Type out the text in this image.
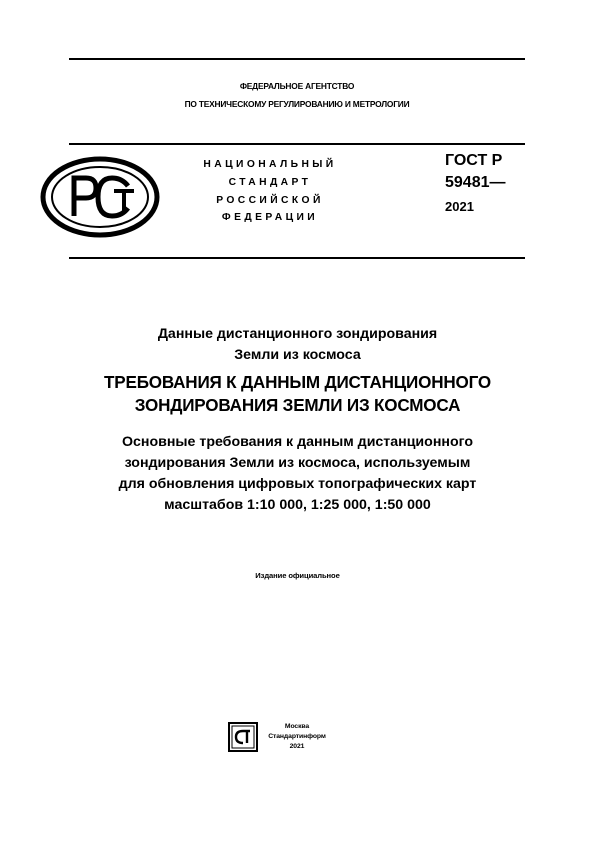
ФЕДЕРАЛЬНОЕ АГЕНТСТВО
ПО ТЕХНИЧЕСКОМУ РЕГУЛИРОВАНИЮ И МЕТРОЛОГИИ
НАЦИОНАЛЬНЫЙ
СТАНДАРТ
РОССИЙСКОЙ
ФЕДЕРАЦИИ
ГОСТ Р
59481—
2021
Данные дистанционного зондирования
Земли из космоса
ТРЕБОВАНИЯ К ДАННЫМ ДИСТАНЦИОННОГО
ЗОНДИРОВАНИЯ ЗЕМЛИ ИЗ КОСМОСА
Основные требования к данным дистанционного
зондирования Земли из космоса, используемым
для обновления цифровых топографических карт
масштабов 1:10 000, 1:25 000, 1:50 000
Издание официальное
Москва
Стандартинформ
2021
